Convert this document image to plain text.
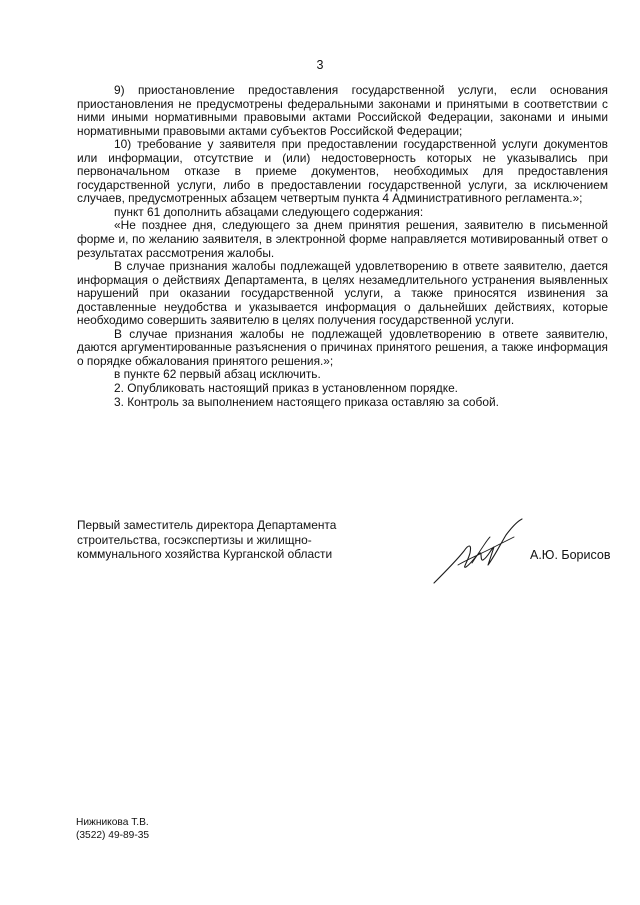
3

9) приостановление предоставления государственной услуги, если основания приостановления не предусмотрены федеральными законами и принятыми в соответствии с ними иными нормативными правовыми актами Российской Федерации, законами и иными нормативными правовыми актами субъектов Российской Федерации;

10) требование у заявителя при предоставлении государственной услуги документов или информации, отсутствие и (или) недостоверность которых не указывались при первоначальном отказе в приеме документов, необходимых для предоставления государственной услуги, либо в предоставлении государственной услуги, за исключением случаев, предусмотренных абзацем четвертым пункта 4 Административного регламента.»;

пункт 61 дополнить абзацами следующего содержания:

«Не позднее дня, следующего за днем принятия решения, заявителю в письменной форме и, по желанию заявителя, в электронной форме направляется мотивированный ответ о результатах рассмотрения жалобы.

В случае признания жалобы подлежащей удовлетворению в ответе заявителю, дается информация о действиях Департамента, в целях незамедлительного устранения выявленных нарушений при оказании государственной услуги, а также приносятся извинения за доставленные неудобства и указывается информация о дальнейших действиях, которые необходимо совершить заявителю в целях получения государственной услуги.

В случае признания жалобы не подлежащей удовлетворению в ответе заявителю, даются аргументированные разъяснения о причинах принятого решения, а также информация о порядке обжалования принятого решения.»;

в пункте 62 первый абзац исключить.

2. Опубликовать настоящий приказ в установленном порядке.

3. Контроль за выполнением настоящего приказа оставляю за собой.

Первый заместитель директора Департамента
строительства, госэкспертизы и жилищно-
коммунального хозяйства Курганской области	А.Ю. Борисов
Нижникова Т.В.
(3522) 49-89-35
